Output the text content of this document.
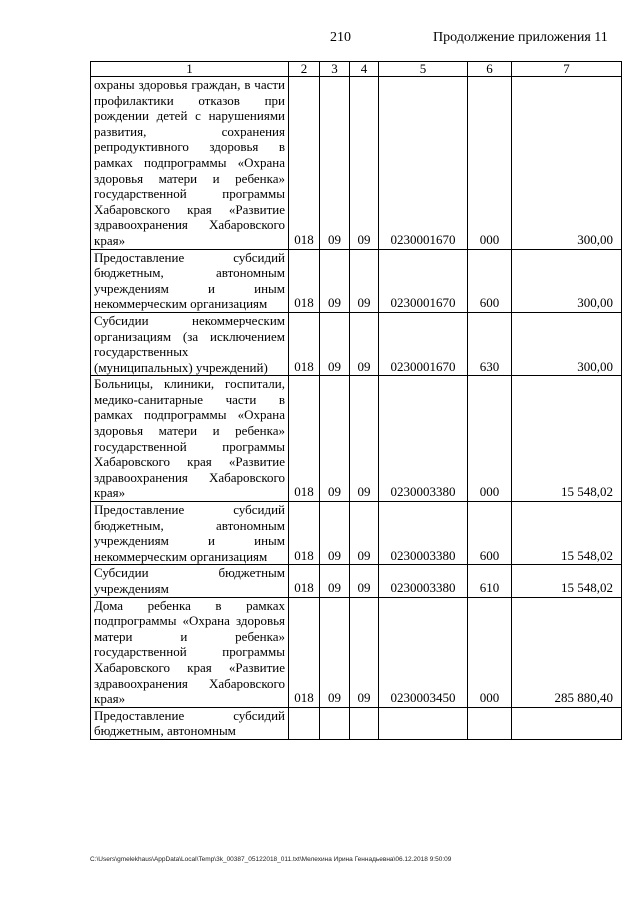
210	Продолжение приложения 11
1	2	3	4	5	6	7
охраны здоровья граждан, в части профилактики отказов при рождении детей с нарушениями развития, сохранения репродуктивного здоровья в рамках подпрограммы «Охрана здоровья матери и ребенка» государственной программы Хабаровского края «Развитие здравоохранения Хабаровского края»	018	09	09	0230001670	000	300,00
Предоставление субсидий бюджетным, автономным учреждениям и иным некоммерческим организациям	018	09	09	0230001670	600	300,00
Субсидии некоммерческим организациям (за исключением государственных (муниципальных) учреждений)	018	09	09	0230001670	630	300,00
Больницы, клиники, госпитали, медико-санитарные части в рамках подпрограммы «Охрана здоровья матери и ребенка» государственной программы Хабаровского края «Развитие здравоохранения Хабаровского края»	018	09	09	0230003380	000	15 548,02
Предоставление субсидий бюджетным, автономным учреждениям и иным некоммерческим организациям	018	09	09	0230003380	600	15 548,02
Субсидии бюджетным учреждениям	018	09	09	0230003380	610	15 548,02
Дома ребенка в рамках подпрограммы «Охрана здоровья матери и ребенка» государственной программы Хабаровского края «Развитие здравоохранения Хабаровского края»	018	09	09	0230003450	000	285 880,40
Предоставление субсидий бюджетным, автономным						
C:\Users\gmelekhaus\AppData\Local\Temp\3k_00387_05122018_011.txt\Мелехина Ирина Геннадьевна\06.12.2018 9:50:09
